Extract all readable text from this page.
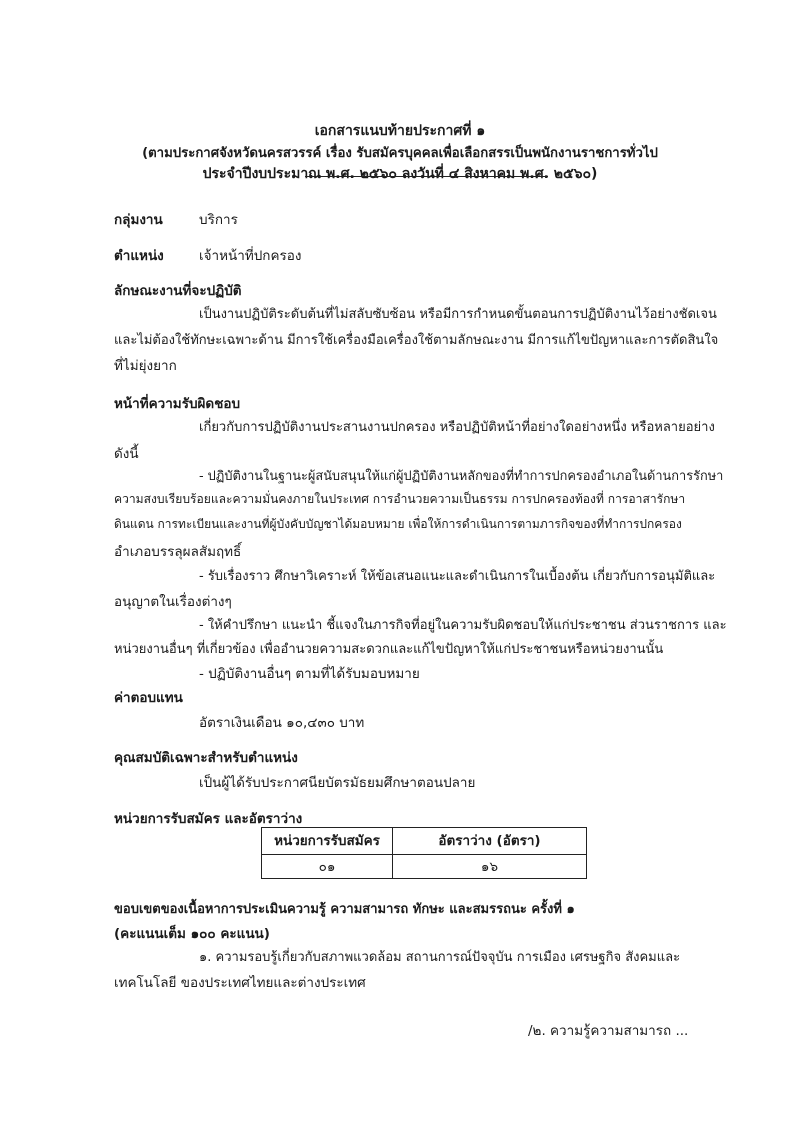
เอกสารแนบท้ายประกาศที่ ๑
(ตามประกาศจังหวัดนครสวรรค์ เรื่อง รับสมัครบุคคลเพื่อเลือกสรรเป็นพนักงานราชการทั่วไป
ประจำปีงบประมาณ พ.ศ. ๒๕๖๐ ลงวันที่ ๔ สิงหาคม พ.ศ. ๒๕๖๐)
กลุ่มงาน	บริการ
ตำแหน่ง	เจ้าหน้าที่ปกครอง
ลักษณะงานที่จะปฏิบัติ
เป็นงานปฏิบัติระดับต้นที่ไม่สลับซับซ้อน หรือมีการกำหนดขั้นตอนการปฏิบัติงานไว้อย่างชัดเจน
และไม่ต้องใช้ทักษะเฉพาะด้าน มีการใช้เครื่องมือเครื่องใช้ตามลักษณะงาน มีการแก้ไขปัญหาและการตัดสินใจ
ที่ไม่ยุ่งยาก
หน้าที่ความรับผิดชอบ
เกี่ยวกับการปฏิบัติงานประสานงานปกครอง หรือปฏิบัติหน้าที่อย่างใดอย่างหนึ่ง หรือหลายอย่าง
ดังนี้
- ปฏิบัติงานในฐานะผู้สนับสนุนให้แก่ผู้ปฏิบัติงานหลักของที่ทำการปกครองอำเภอในด้านการรักษา
ความสงบเรียบร้อยและความมั่นคงภายในประเทศ การอำนวยความเป็นธรรม การปกครองท้องที่ การอาสารักษา
ดินแดน การทะเบียนและงานที่ผู้บังคับบัญชาได้มอบหมาย เพื่อให้การดำเนินการตามภารกิจของที่ทำการปกครอง
อำเภอบรรลุผลสัมฤทธิ์
- รับเรื่องราว ศึกษาวิเคราะห์ ให้ข้อเสนอแนะและดำเนินการในเบื้องต้น เกี่ยวกับการอนุมัติและ
อนุญาตในเรื่องต่างๆ
- ให้คำปรึกษา แนะนำ ชี้แจงในภารกิจที่อยู่ในความรับผิดชอบให้แก่ประชาชน ส่วนราชการ และ
หน่วยงานอื่นๆ ที่เกี่ยวข้อง เพื่ออำนวยความสะดวกและแก้ไขปัญหาให้แก่ประชาชนหรือหน่วยงานนั้น
- ปฏิบัติงานอื่นๆ ตามที่ได้รับมอบหมาย
ค่าตอบแทน
อัตราเงินเดือน ๑๐,๔๓๐ บาท
คุณสมบัติเฉพาะสำหรับตำแหน่ง
เป็นผู้ได้รับประกาศนียบัตรมัธยมศึกษาตอนปลาย
หน่วยการรับสมัคร และอัตราว่าง
หน่วยการรับสมัคร	อัตราว่าง (อัตรา)
๐๑	๑๖
ขอบเขตของเนื้อหาการประเมินความรู้ ความสามารถ ทักษะ และสมรรถนะ ครั้งที่ ๑
(คะแนนเต็ม ๑๐๐ คะแนน)
๑. ความรอบรู้เกี่ยวกับสภาพแวดล้อม สถานการณ์ปัจจุบัน การเมือง เศรษฐกิจ สังคมและ
เทคโนโลยี ของประเทศไทยและต่างประเทศ
/๒. ความรู้ความสามารถ ...
